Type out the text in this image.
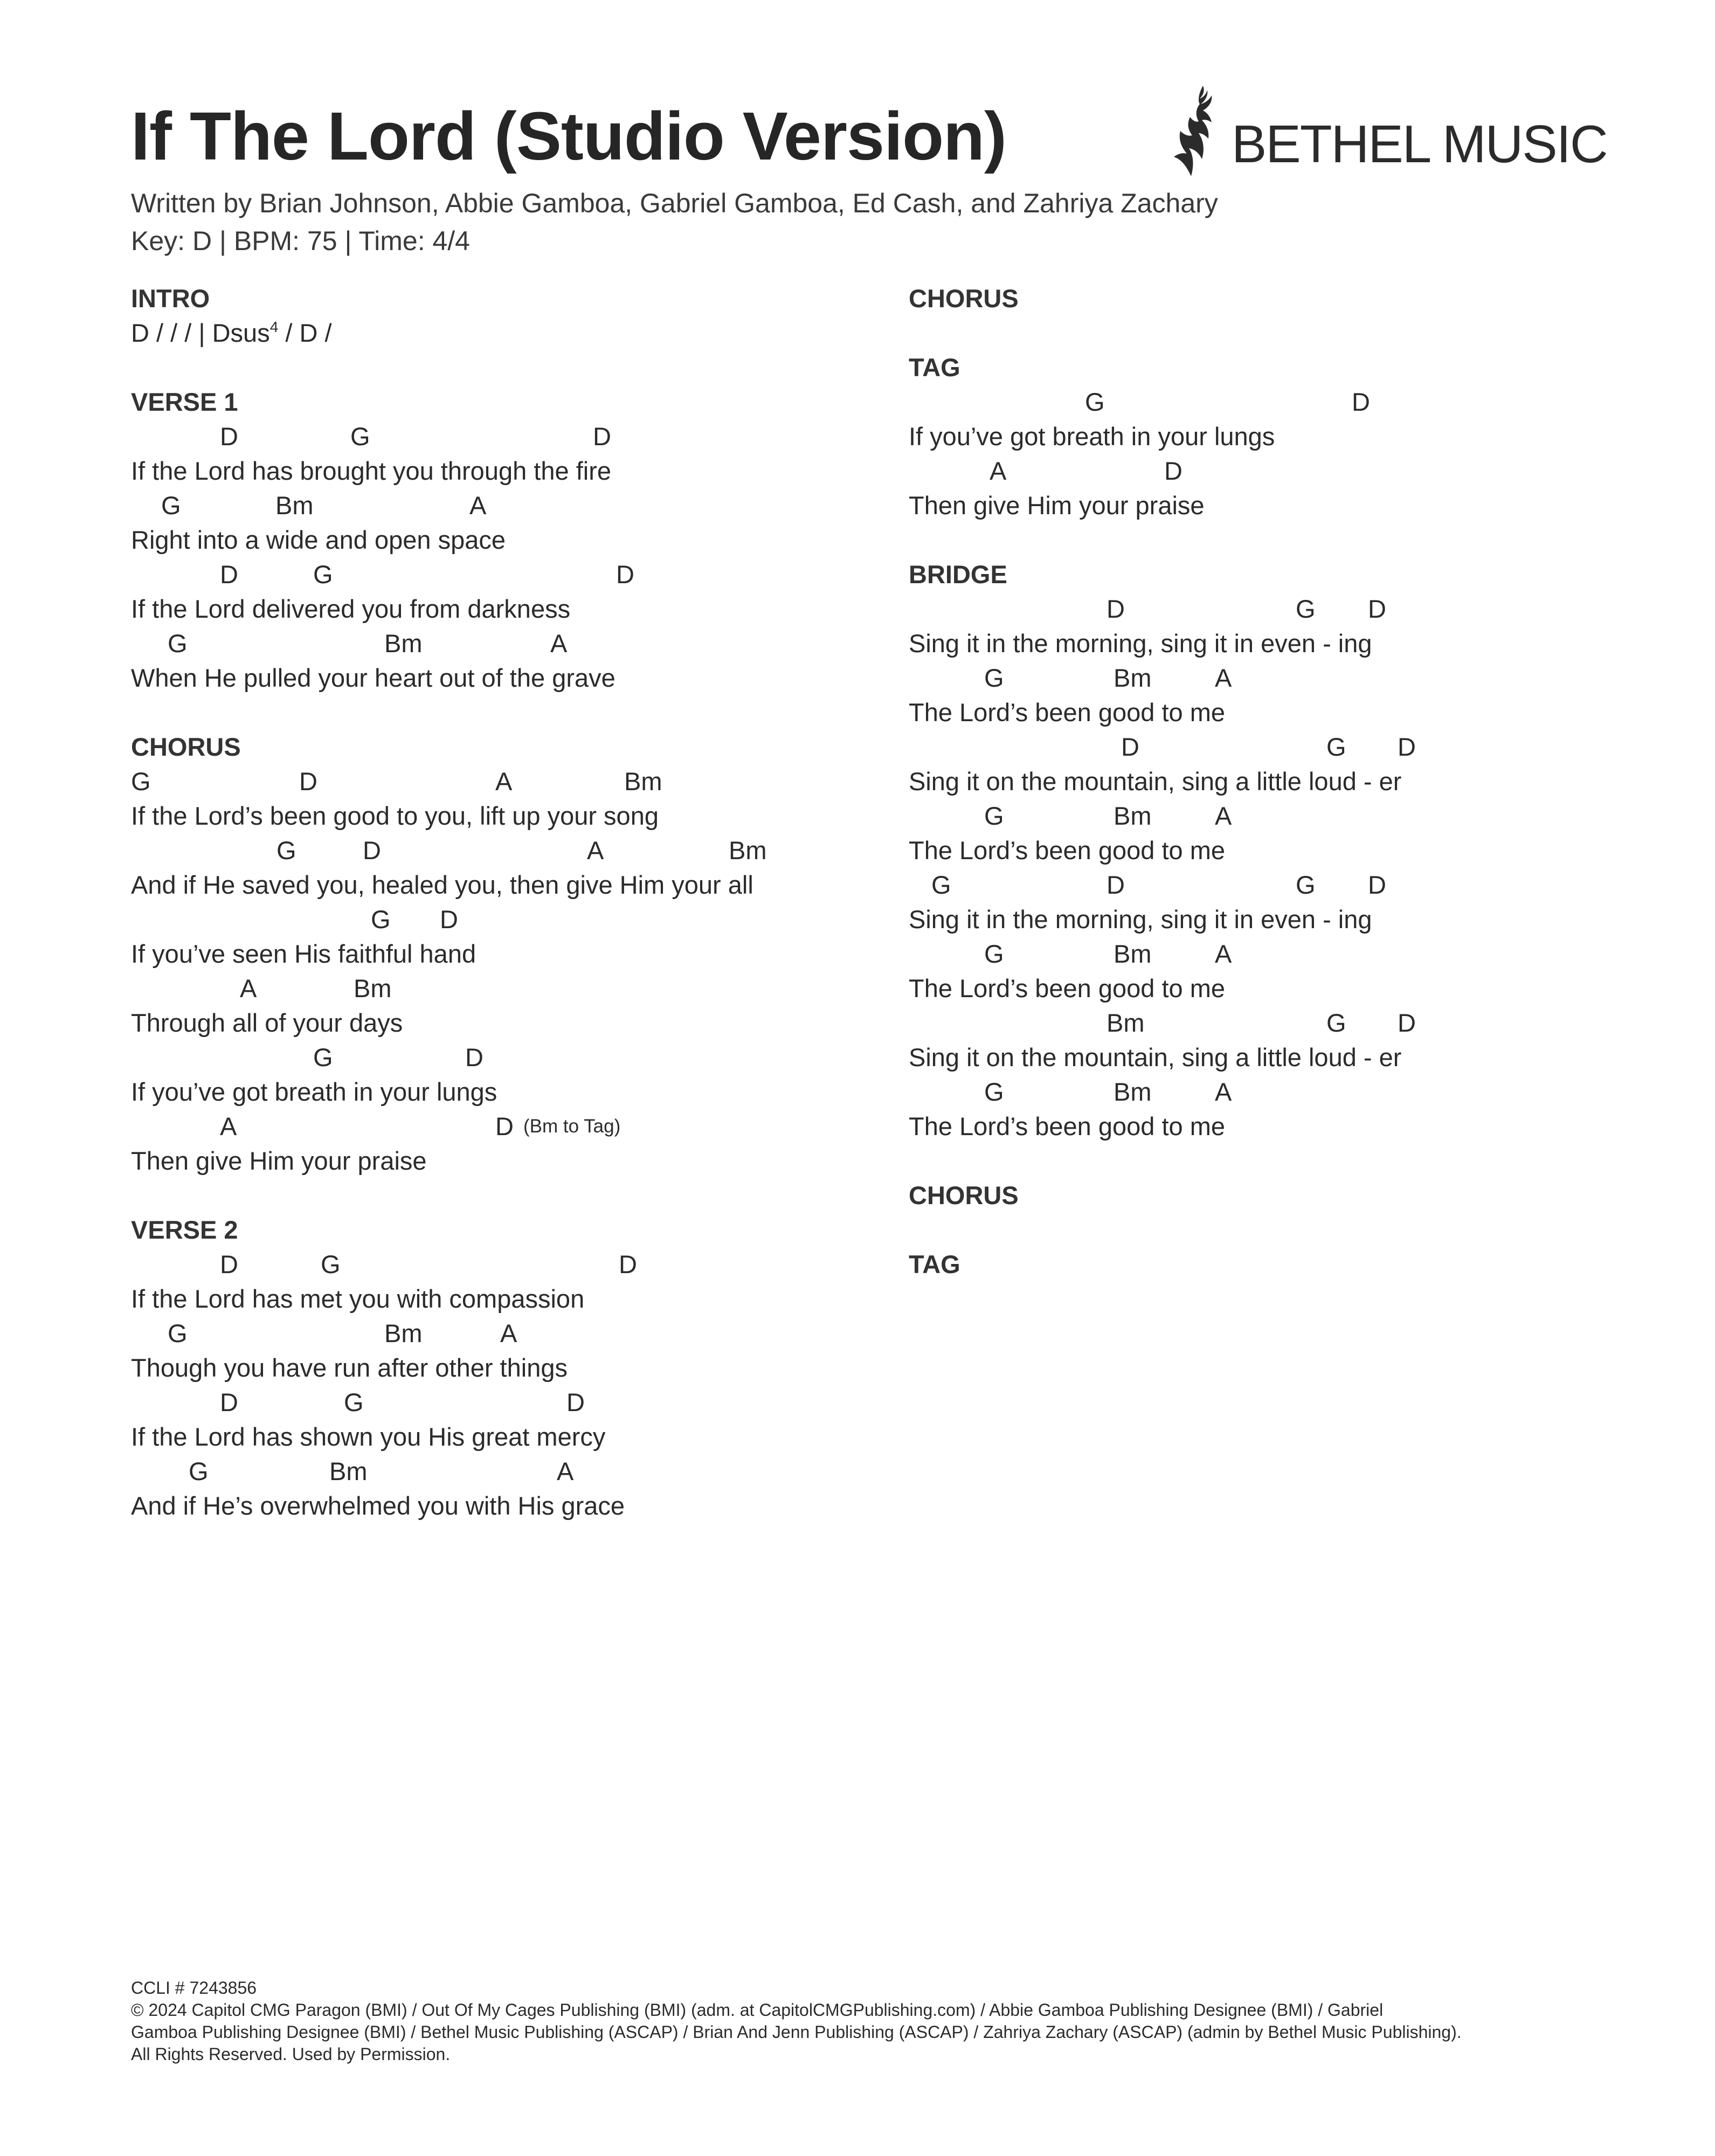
If The Lord (Studio Version)	BETHEL MUSIC
Written by Brian Johnson, Abbie Gamboa, Gabriel Gamboa, Ed Cash, and Zahriya Zachary
Key: D | BPM: 75 | Time: 4/4
INTRO
D / / / | Dsus$^4$ / D /
VERSE 1
D	G	D
If the Lord has brought you through the fire
G	Bm	A
Right into a wide and open space
D	G	D
If the Lord delivered you from darkness
G	Bm	A
When He pulled your heart out of the grave
CHORUS
G	D	A	Bm
If the Lord’s been good to you, lift up your song
G	D	A	Bm
And if He saved you, healed you, then give Him your all
G D
If you’ve seen His faithful hand
A	Bm
Through all of your days
G	D
If you’ve got breath in your lungs
A	D (Bm to Tag)
Then give Him your praise
VERSE 2
D	G	D
If the Lord has met you with compassion
G	Bm	A
Though you have run after other things
D	G	D
If the Lord has shown you His great mercy
G	Bm	A
And if He’s overwhelmed you with His grace
CHORUS
TAG
G	D
If you’ve got breath in your lungs
A	D
Then give Him your praise
BRIDGE
D	G D
Sing it in the morning, sing it in even - ing
G	Bm	A
The Lord’s been good to me
D	G D
Sing it on the mountain, sing a little loud - er
G	Bm	A
The Lord’s been good to me
G	D	G D
Sing it in the morning, sing it in even - ing
G	Bm	A
The Lord’s been good to me
Bm	G D
Sing it on the mountain, sing a little loud - er
G	Bm	A
The Lord’s been good to me
CHORUS
TAG
CCLI # 7243856
© 2024 Capitol CMG Paragon (BMI) / Out Of My Cages Publishing (BMI) (adm. at CapitolCMGPublishing.com) / Abbie Gamboa Publishing Designee (BMI) / Gabriel
Gamboa Publishing Designee (BMI) / Bethel Music Publishing (ASCAP) / Brian And Jenn Publishing (ASCAP) / Zahriya Zachary (ASCAP) (admin by Bethel Music Publishing).
All Rights Reserved. Used by Permission.
